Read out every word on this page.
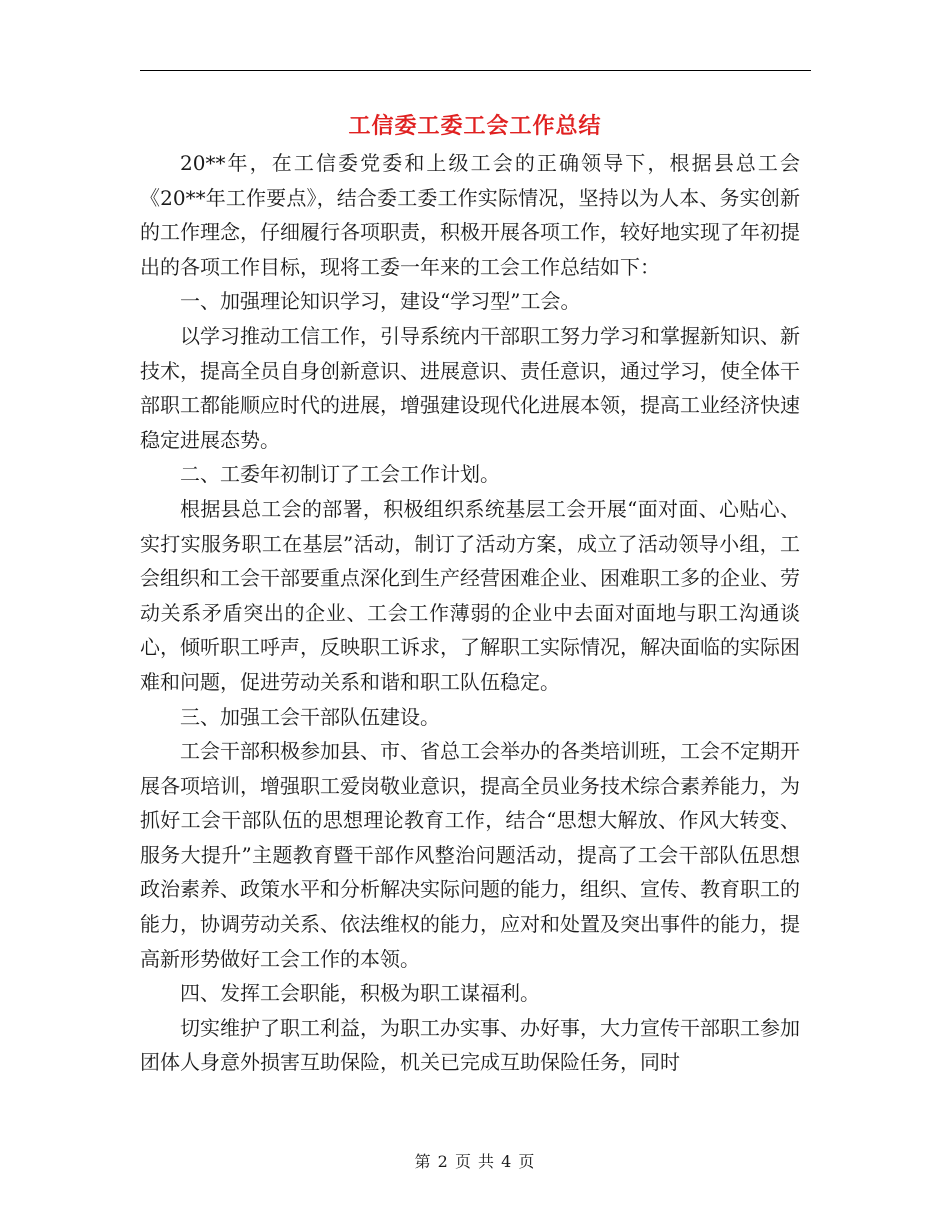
工信委工委工会工作总结

20**年，在工信委党委和上级工会的正确领导下，根据县总工会《20**年工作要点》，结合委工委工作实际情况，坚持以为人本、务实创新的工作理念，仔细履行各项职责，积极开展各项工作，较好地实现了年初提出的各项工作目标，现将工委一年来的工会工作总结如下：

一、加强理论知识学习，建设“学习型”工会。

以学习推动工信工作，引导系统内干部职工努力学习和掌握新知识、新技术，提高全员自身创新意识、进展意识、责任意识，通过学习，使全体干部职工都能顺应时代的进展，增强建设现代化进展本领，提高工业经济快速稳定进展态势。

二、工委年初制订了工会工作计划。

根据县总工会的部署，积极组织系统基层工会开展“面对面、心贴心、实打实服务职工在基层”活动，制订了活动方案，成立了活动领导小组，工会组织和工会干部要重点深化到生产经营困难企业、困难职工多的企业、劳动关系矛盾突出的企业、工会工作薄弱的企业中去面对面地与职工沟通谈心，倾听职工呼声，反映职工诉求，了解职工实际情况，解决面临的实际困难和问题，促进劳动关系和谐和职工队伍稳定。

三、加强工会干部队伍建设。

工会干部积极参加县、市、省总工会举办的各类培训班，工会不定期开展各项培训，增强职工爱岗敬业意识，提高全员业务技术综合素养能力，为抓好工会干部队伍的思想理论教育工作，结合“思想大解放、作风大转变、服务大提升”主题教育暨干部作风整治问题活动，提高了工会干部队伍思想政治素养、政策水平和分析解决实际问题的能力，组织、宣传、教育职工的能力，协调劳动关系、依法维权的能力，应对和处置及突出事件的能力，提高新形势做好工会工作的本领。

四、发挥工会职能，积极为职工谋福利。

切实维护了职工利益，为职工办实事、办好事，大力宣传干部职工参加团体人身意外损害互助保险，机关已完成互助保险任务，同时

第 2 页 共 4 页
